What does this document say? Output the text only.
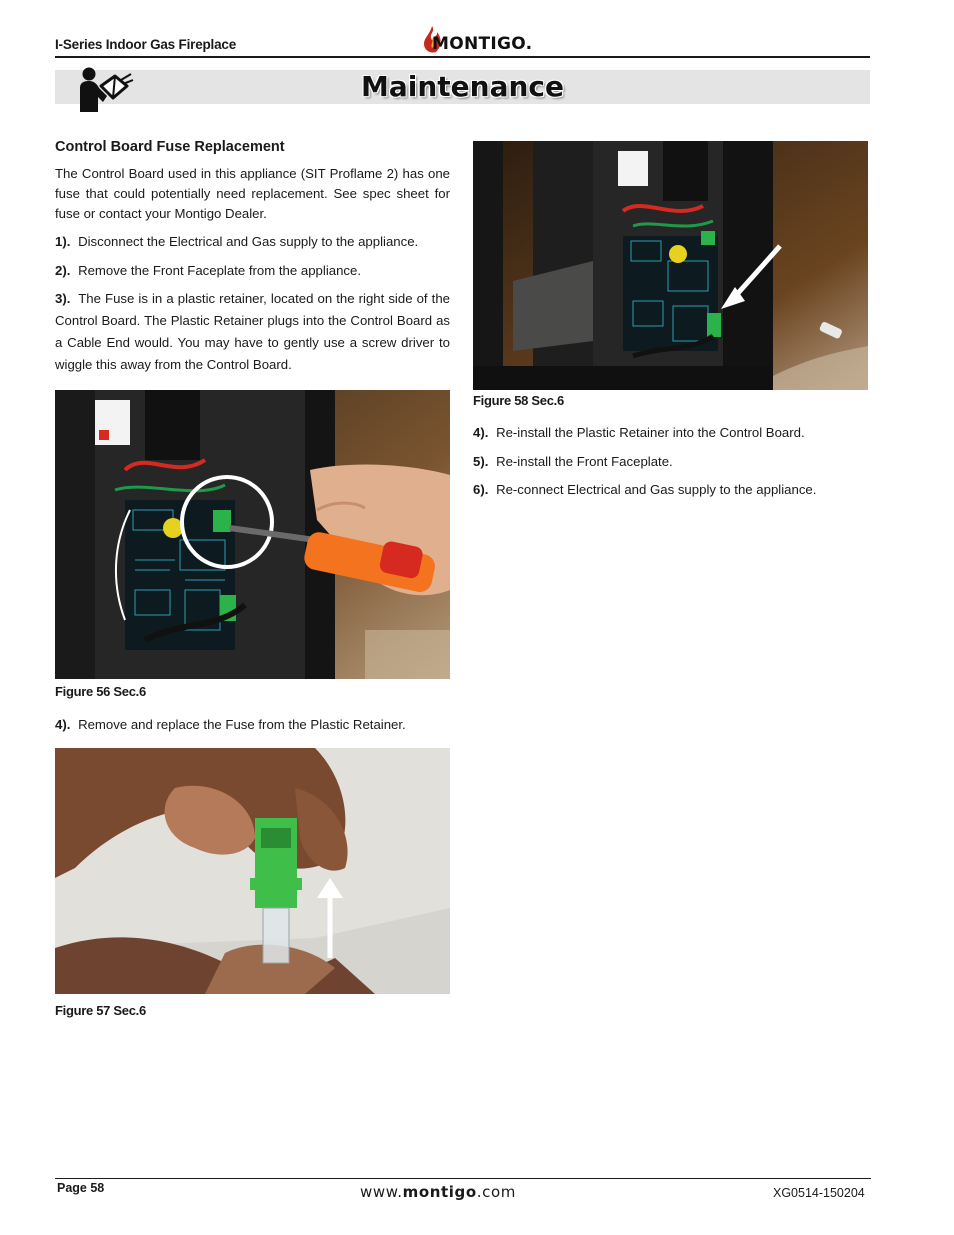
I-Series Indoor Gas Fireplace	MONTIGO.
Maintenance
Control Board Fuse Replacement
The Control Board used in this appliance (SIT Proflame 2) has one fuse that could potentially need replacement. See spec sheet for fuse or contact your Montigo Dealer.
1). Disconnect the Electrical and Gas supply to the appliance.
2). Remove the Front Faceplate from the appliance.
3). The Fuse is in a plastic retainer, located on the right side of the Control Board. The Plastic Retainer plugs into the Control Board as a Cable End would. You may have to gently use a screw driver to wiggle this away from the Control Board.
Figure 56 Sec.6
4). Remove and replace the Fuse from the Plastic Retainer.
Figure 57 Sec.6
Figure 58 Sec.6
4). Re-install the Plastic Retainer into the Control Board.
5). Re-install the Front Faceplate.
6). Re-connect Electrical and Gas supply to the appliance.
Page 58	www.montigo.com	XG0514-150204
